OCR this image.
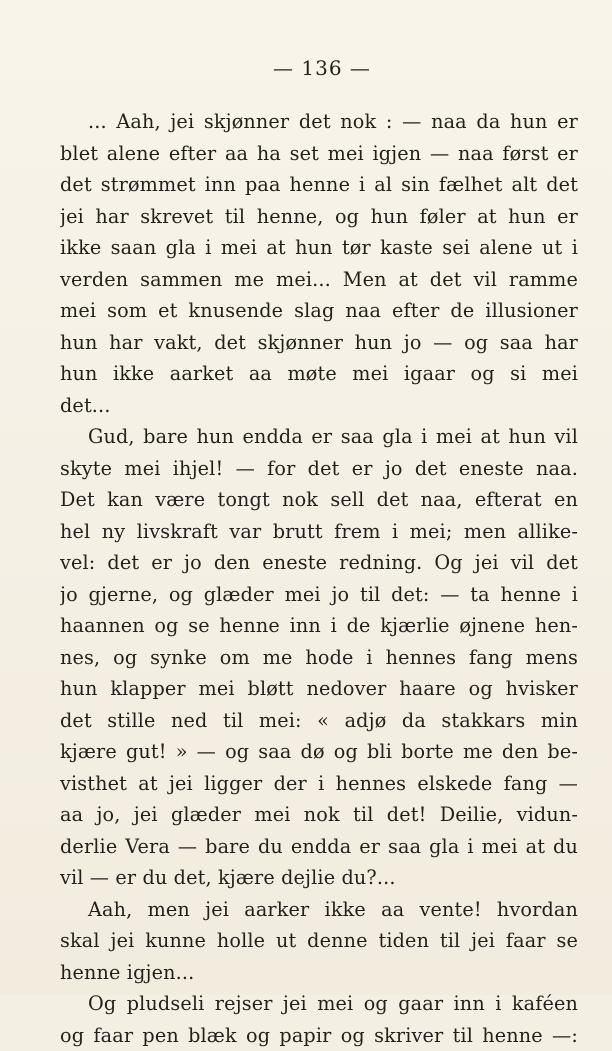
— 136 —
... Aah, jei skjønner det nok : — naa da hun er
blet alene efter aa ha set mei igjen — naa først er
det strømmet inn paa henne i al sin fælhet alt det
jei har skrevet til henne, og hun føler at hun er
ikke saan gla i mei at hun tør kaste sei alene ut i
verden sammen me mei... Men at det vil ramme
mei som et knusende slag naa efter de illusioner
hun har vakt, det skjønner hun jo — og saa har
hun ikke aarket aa møte mei igaar og si mei
det...
Gud, bare hun endda er saa gla i mei at hun vil
skyte mei ihjel! — for det er jo det eneste naa.
Det kan være tongt nok sell det naa, efterat en
hel ny livskraft var brutt frem i mei; men allike-
vel: det er jo den eneste redning. Og jei vil det
jo gjerne, og glæder mei jo til det: — ta henne i
haannen og se henne inn i de kjærlie øjnene hen-
nes, og synke om me hode i hennes fang mens
hun klapper mei bløtt nedover haare og hvisker
det stille ned til mei: « adjø da stakkars min
kjære gut! » — og saa dø og bli borte me den be-
visthet at jei ligger der i hennes elskede fang —
aa jo, jei glæder mei nok til det! Deilie, vidun-
derlie Vera — bare du endda er saa gla i mei at du
vil — er du det, kjære dejlie du?...
Aah, men jei aarker ikke aa vente! hvordan
skal jei kunne holle ut denne tiden til jei faar se
henne igjen...
Og pludseli rejser jei mei og gaar inn i kaféen
og faar pen blæk og papir og skriver til henne —:
